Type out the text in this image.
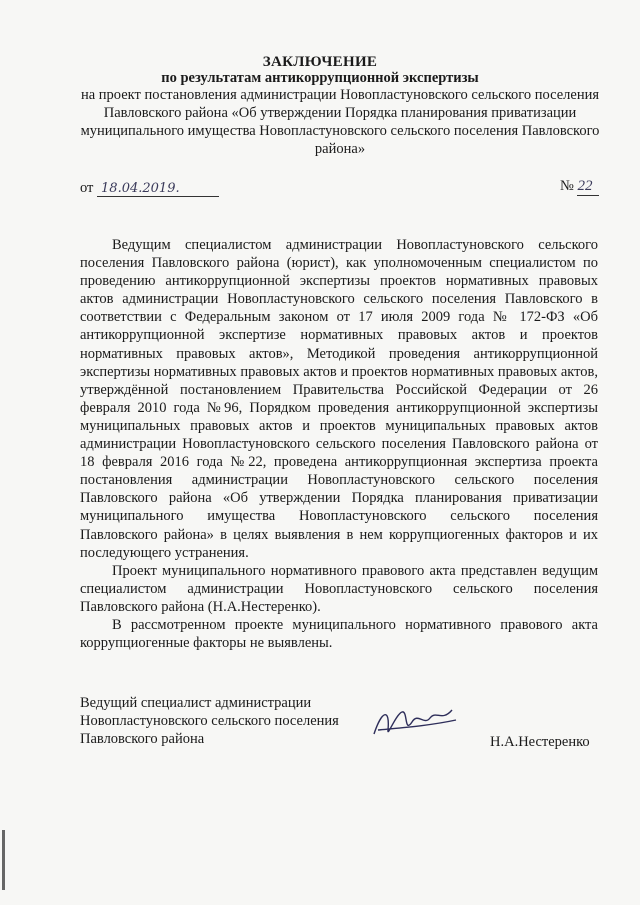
ЗАКЛЮЧЕНИЕ
по результатам антикоррупционной экспертизы
на проект постановления администрации Новопластуновского сельского поселения Павловского района «Об утверждении Порядка планирования приватизации муниципального имущества Новопластуновского сельского поселения Павловского района»
от 18.04.2019.	№ 22

Ведущим специалистом администрации Новопластуновского сельского поселения Павловского района (юрист), как уполномоченным специалистом по проведению антикоррупционной экспертизы проектов нормативных правовых актов администрации Новопластуновского сельского поселения Павловского в соответствии с Федеральным законом от 17 июля 2009 года № 172-ФЗ «Об антикоррупционной экспертизе нормативных правовых актов и проектов нормативных правовых актов», Методикой проведения антикоррупционной экспертизы нормативных правовых актов и проектов нормативных правовых актов, утверждённой постановлением Правительства Российской Федерации от 26 февраля 2010 года №96, Порядком проведения антикоррупционной экспертизы муниципальных правовых актов и проектов муниципальных правовых актов администрации Новопластуновского сельского поселения Павловского района от 18 февраля 2016 года №22, проведена антикоррупционная экспертиза проекта постановления администрации Новопластуновского сельского поселения Павловского района «Об утверждении Порядка планирования приватизации муниципального имущества Новопластуновского сельского поселения Павловского района» в целях выявления в нем коррупциогенных факторов и их последующего устранения.

Проект муниципального нормативного правового акта представлен ведущим специалистом администрации Новопластуновского сельского поселения Павловского района (Н.А.Нестеренко).

В рассмотренном проекте муниципального нормативного правового акта коррупциогенные факторы не выявлены.

Ведущий специалист администрации
Новопластуновского сельского поселения
Павловского района	Н.А.Нестеренко
